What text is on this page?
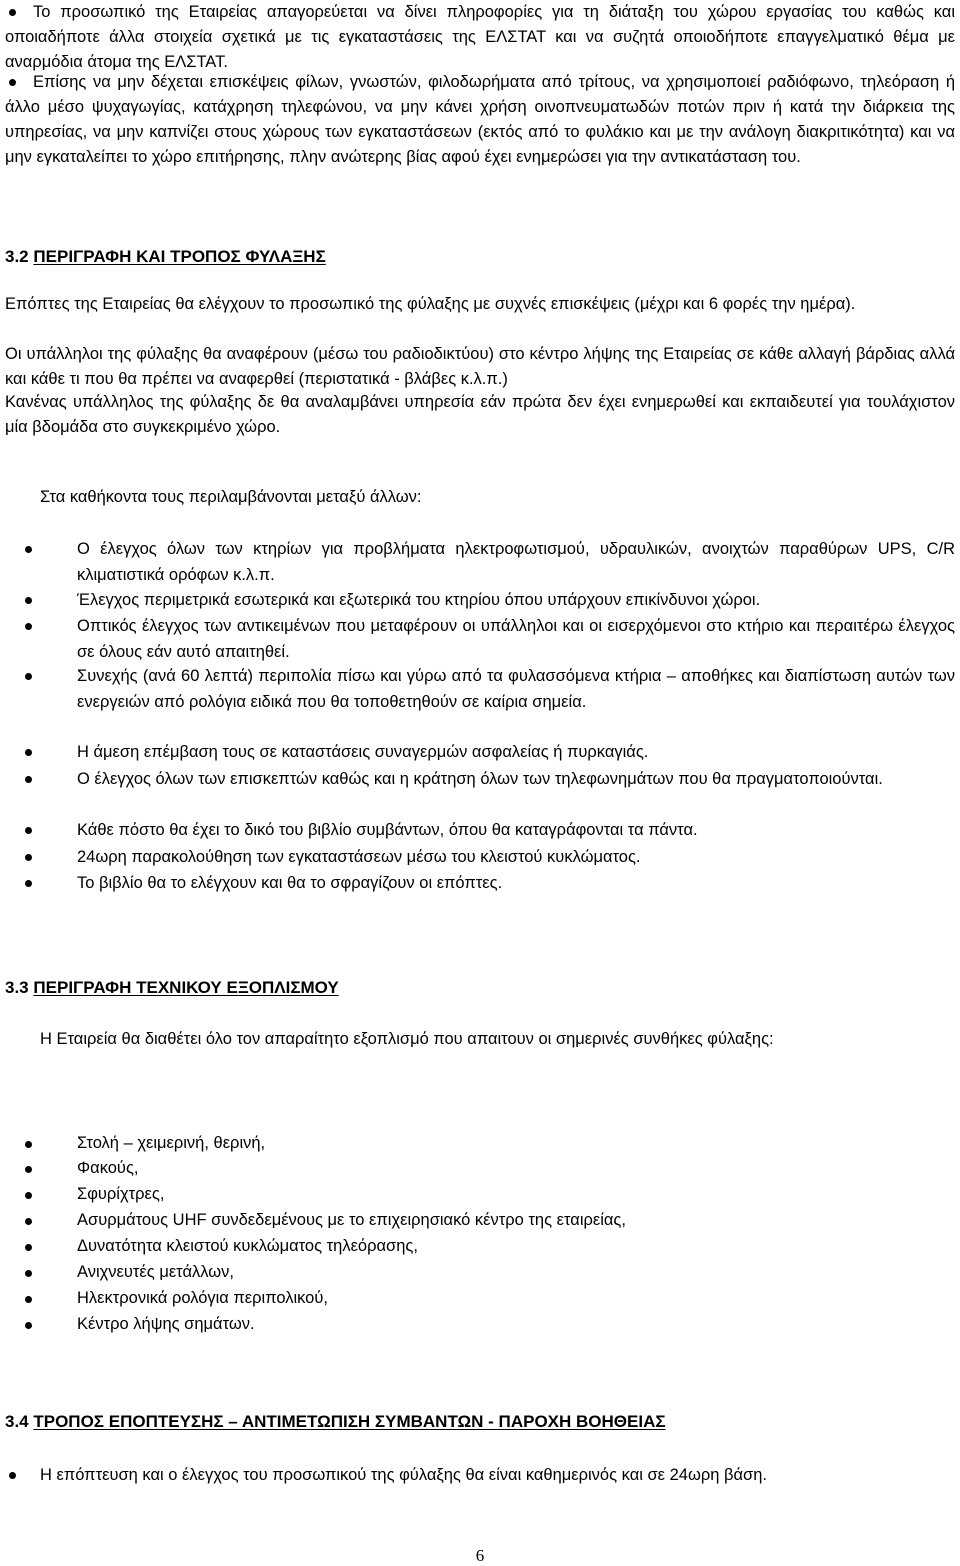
Το προσωπικό της Εταιρείας απαγορεύεται να δίνει πληροφορίες για τη διάταξη του χώρου εργασίας του καθώς και οποιαδήποτε άλλα στοιχεία σχετικά με τις εγκαταστάσεις της ΕΛΣΤΑΤ και να συζητά οποιοδήποτε επαγγελματικό θέμα με αναρμόδια άτομα της ΕΛΣΤΑΤ.

Επίσης να μην δέχεται επισκέψεις φίλων, γνωστών, φιλοδωρήματα από τρίτους, να χρησιμοποιεί ραδιόφωνο, τηλεόραση ή άλλο μέσο ψυχαγωγίας, κατάχρηση τηλεφώνου, να μην κάνει χρήση οινοπνευματωδών ποτών πριν ή κατά την διάρκεια της υπηρεσίας, να μην καπνίζει στους χώρους των εγκαταστάσεων (εκτός από το φυλάκιο και με την ανάλογη διακριτικότητα) και να μην εγκαταλείπει το χώρο επιτήρησης, πλην ανώτερης βίας αφού έχει ενημερώσει για την αντικατάσταση του.

3.2 ΠΕΡΙΓΡΑΦΗ ΚΑΙ ΤΡΟΠΟΣ ΦΥΛΑΞΗΣ

Επόπτες της Εταιρείας θα ελέγχουν το προσωπικό της φύλαξης με συχνές επισκέψεις (μέχρι και 6 φορές την ημέρα).

Οι υπάλληλοι της φύλαξης θα αναφέρουν (μέσω του ραδιοδικτύου) στο κέντρο λήψης της Εταιρείας σε κάθε αλλαγή βάρδιας αλλά και κάθε τι που θα πρέπει να αναφερθεί (περιστατικά - βλάβες κ.λ.π.)

Κανένας υπάλληλος της φύλαξης δε θα αναλαμβάνει υπηρεσία εάν πρώτα δεν έχει ενημερωθεί και εκπαιδευτεί για τουλάχιστον μία βδομάδα στο συγκεκριμένο χώρο.

Στα καθήκοντα τους περιλαμβάνονται μεταξύ άλλων:

Ο έλεγχος όλων των κτηρίων για προβλήματα ηλεκτροφωτισμού, υδραυλικών, ανοιχτών παραθύρων UPS, C/R κλιματιστικά ορόφων κ.λ.π.

Έλεγχος περιμετρικά εσωτερικά και εξωτερικά του κτηρίου όπου υπάρχουν επικίνδυνοι χώροι.

Οπτικός έλεγχος των αντικειμένων που μεταφέρουν οι υπάλληλοι και οι εισερχόμενοι στο κτήριο και περαιτέρω έλεγχος σε όλους εάν αυτό απαιτηθεί.

Συνεχής (ανά 60 λεπτά) περιπολία πίσω και γύρω από τα φυλασσόμενα κτήρια – αποθήκες και διαπίστωση αυτών των ενεργειών από ρολόγια ειδικά που θα τοποθετηθούν σε καίρια σημεία.

Η άμεση επέμβαση τους σε καταστάσεις συναγερμών ασφαλείας ή πυρκαγιάς.

Ο έλεγχος όλων των επισκεπτών καθώς και η κράτηση όλων των τηλεφωνημάτων που θα πραγματοποιούνται.

Κάθε πόστο θα έχει το δικό του βιβλίο συμβάντων, όπου θα καταγράφονται τα πάντα.

24ωρη παρακολούθηση των εγκαταστάσεων μέσω του κλειστού κυκλώματος.

Το βιβλίο θα το ελέγχουν και θα το σφραγίζουν οι επόπτες.

3.3 ΠΕΡΙΓΡΑΦΗ ΤΕΧΝΙΚΟΥ ΕΞΟΠΛΙΣΜΟΥ

Η Εταιρεία θα διαθέτει όλο τον απαραίτητο εξοπλισμό που απαιτουν οι σημερινές συνθήκες φύλαξης:

Στολή – χειμερινή, θερινή,
Φακούς,
Σφυρίχτρες,
Ασυρμάτους UHF συνδεδεμένους με το επιχειρησιακό κέντρο της εταιρείας,
Δυνατότητα κλειστού κυκλώματος τηλεόρασης,
Ανιχνευτές μετάλλων,
Ηλεκτρονικά ρολόγια περιπολικού,
Κέντρο λήψης σημάτων.
3.4 ΤΡΟΠΟΣ ΕΠΟΠΤΕΥΣΗΣ – ΑΝΤΙΜΕΤΩΠΙΣΗ ΣΥΜΒΑΝΤΩΝ - ΠΑΡΟΧΗ ΒΟΗΘΕΙΑΣ

Η επόπτευση και ο έλεγχος του προσωπικού της φύλαξης θα είναι καθημερινός και σε 24ωρη βάση.

6
